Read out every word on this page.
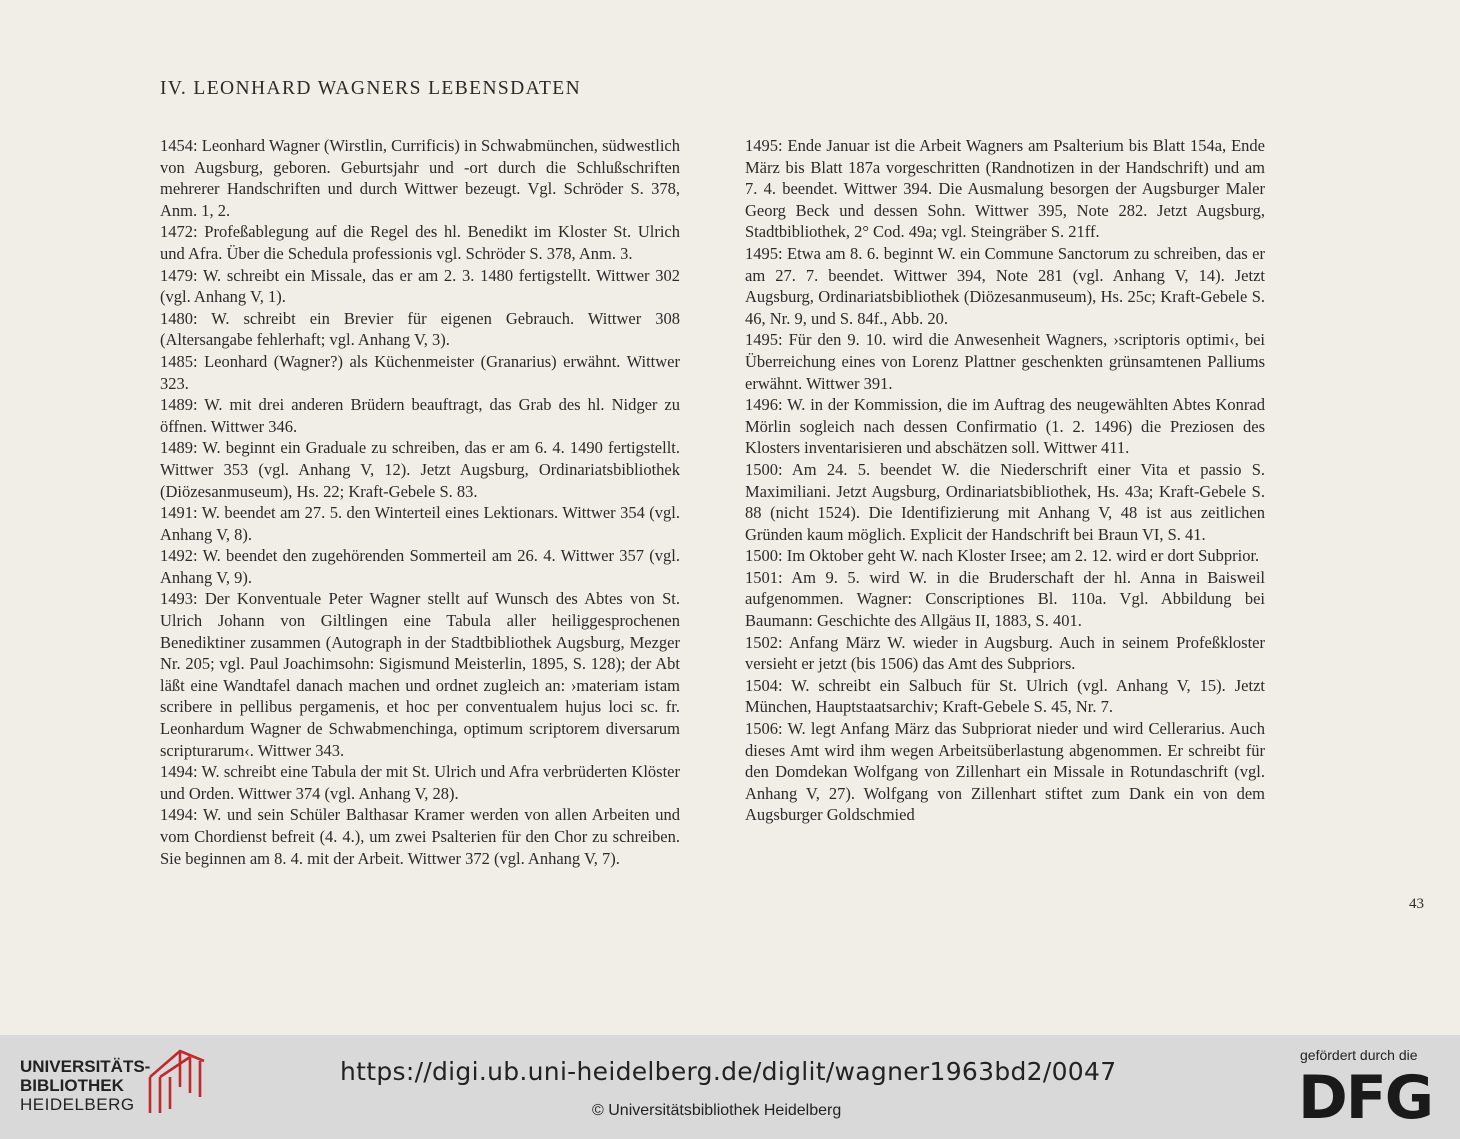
IV. LEONHARD WAGNERS LEBENSDATEN

1454: Leonhard Wagner (Wirstlin, Currificis) in Schwabmünchen, südwestlich von Augsburg, geboren. Geburtsjahr und -ort durch die Schlußschriften mehrerer Handschriften und durch Wittwer bezeugt. Vgl. Schröder S. 378, Anm. 1, 2.

1472: Profeßablegung auf die Regel des hl. Benedikt im Kloster St. Ulrich und Afra. Über die Schedula professionis vgl. Schröder S. 378, Anm. 3.

1479: W. schreibt ein Missale, das er am 2. 3. 1480 fertigstellt. Wittwer 302 (vgl. Anhang V, 1).

1480: W. schreibt ein Brevier für eigenen Gebrauch. Wittwer 308 (Altersangabe fehlerhaft; vgl. Anhang V, 3).

1485: Leonhard (Wagner?) als Küchenmeister (Granarius) erwähnt. Wittwer 323.

1489: W. mit drei anderen Brüdern beauftragt, das Grab des hl. Nidger zu öffnen. Wittwer 346.

1489: W. beginnt ein Graduale zu schreiben, das er am 6. 4. 1490 fertigstellt. Wittwer 353 (vgl. Anhang V, 12). Jetzt Augsburg, Ordinariatsbibliothek (Diözesanmuseum), Hs. 22; Kraft-Gebele S. 83.

1491: W. beendet am 27. 5. den Winterteil eines Lektionars. Wittwer 354 (vgl. Anhang V, 8).

1492: W. beendet den zugehörenden Sommerteil am 26. 4. Wittwer 357 (vgl. Anhang V, 9).

1493: Der Konventuale Peter Wagner stellt auf Wunsch des Abtes von St. Ulrich Johann von Giltlingen eine Tabula aller heiliggesprochenen Benediktiner zusammen (Autograph in der Stadtbibliothek Augsburg, Mezger Nr. 205; vgl. Paul Joachimsohn: Sigismund Meisterlin, 1895, S. 128); der Abt läßt eine Wandtafel danach machen und ordnet zugleich an: ›materiam istam scribere in pellibus pergamenis, et hoc per conventualem hujus loci sc. fr. Leonhardum Wagner de Schwabmenchinga, optimum scriptorem diversarum scripturarum‹. Wittwer 343.

1494: W. schreibt eine Tabula der mit St. Ulrich und Afra verbrüderten Klöster und Orden. Wittwer 374 (vgl. Anhang V, 28).

1494: W. und sein Schüler Balthasar Kramer werden von allen Arbeiten und vom Chordienst befreit (4. 4.), um zwei Psalterien für den Chor zu schreiben. Sie beginnen am 8. 4. mit der Arbeit. Wittwer 372 (vgl. Anhang V, 7).

1495: Ende Januar ist die Arbeit Wagners am Psalterium bis Blatt 154a, Ende März bis Blatt 187a vorgeschritten (Randnotizen in der Handschrift) und am 7. 4. beendet. Wittwer 394. Die Ausmalung besorgen der Augsburger Maler Georg Beck und dessen Sohn. Wittwer 395, Note 282. Jetzt Augsburg, Stadtbibliothek, 2° Cod. 49a; vgl. Steingräber S. 21ff.

1495: Etwa am 8. 6. beginnt W. ein Commune Sanctorum zu schreiben, das er am 27. 7. beendet. Wittwer 394, Note 281 (vgl. Anhang V, 14). Jetzt Augsburg, Ordinariatsbibliothek (Diözesanmuseum), Hs. 25c; Kraft-Gebele S. 46, Nr. 9, und S. 84f., Abb. 20.

1495: Für den 9. 10. wird die Anwesenheit Wagners, ›scriptoris optimi‹, bei Überreichung eines von Lorenz Plattner geschenkten grünsamtenen Palliums erwähnt. Wittwer 391.

1496: W. in der Kommission, die im Auftrag des neugewählten Abtes Konrad Mörlin sogleich nach dessen Confirmatio (1. 2. 1496) die Preziosen des Klosters inventarisieren und abschätzen soll. Wittwer 411.

1500: Am 24. 5. beendet W. die Niederschrift einer Vita et passio S. Maximiliani. Jetzt Augsburg, Ordinariatsbibliothek, Hs. 43a; Kraft-Gebele S. 88 (nicht 1524). Die Identifizierung mit Anhang V, 48 ist aus zeitlichen Gründen kaum möglich. Explicit der Handschrift bei Braun VI, S. 41.

1500: Im Oktober geht W. nach Kloster Irsee; am 2. 12. wird er dort Subprior.

1501: Am 9. 5. wird W. in die Bruderschaft der hl. Anna in Baisweil aufgenommen. Wagner: Conscriptiones Bl. 110a. Vgl. Abbildung bei Baumann: Geschichte des Allgäus II, 1883, S. 401.

1502: Anfang März W. wieder in Augsburg. Auch in seinem Profeßkloster versieht er jetzt (bis 1506) das Amt des Subpriors.

1504: W. schreibt ein Salbuch für St. Ulrich (vgl. Anhang V, 15). Jetzt München, Hauptstaatsarchiv; Kraft-Gebele S. 45, Nr. 7.

1506: W. legt Anfang März das Subpriorat nieder und wird Cellerarius. Auch dieses Amt wird ihm wegen Arbeitsüberlastung abgenommen. Er schreibt für den Domdekan Wolfgang von Zillenhart ein Missale in Rotundaschrift (vgl. Anhang V, 27). Wolfgang von Zillenhart stiftet zum Dank ein von dem Augsburger Goldschmied

43
UNIVERSITÄTS-
BIBLIOTHEK
HEIDELBERG
https://digi.ub.uni-heidelberg.de/diglit/wagner1963bd2/0047
© Universitätsbibliothek Heidelberg
gefördert durch die
DFG
